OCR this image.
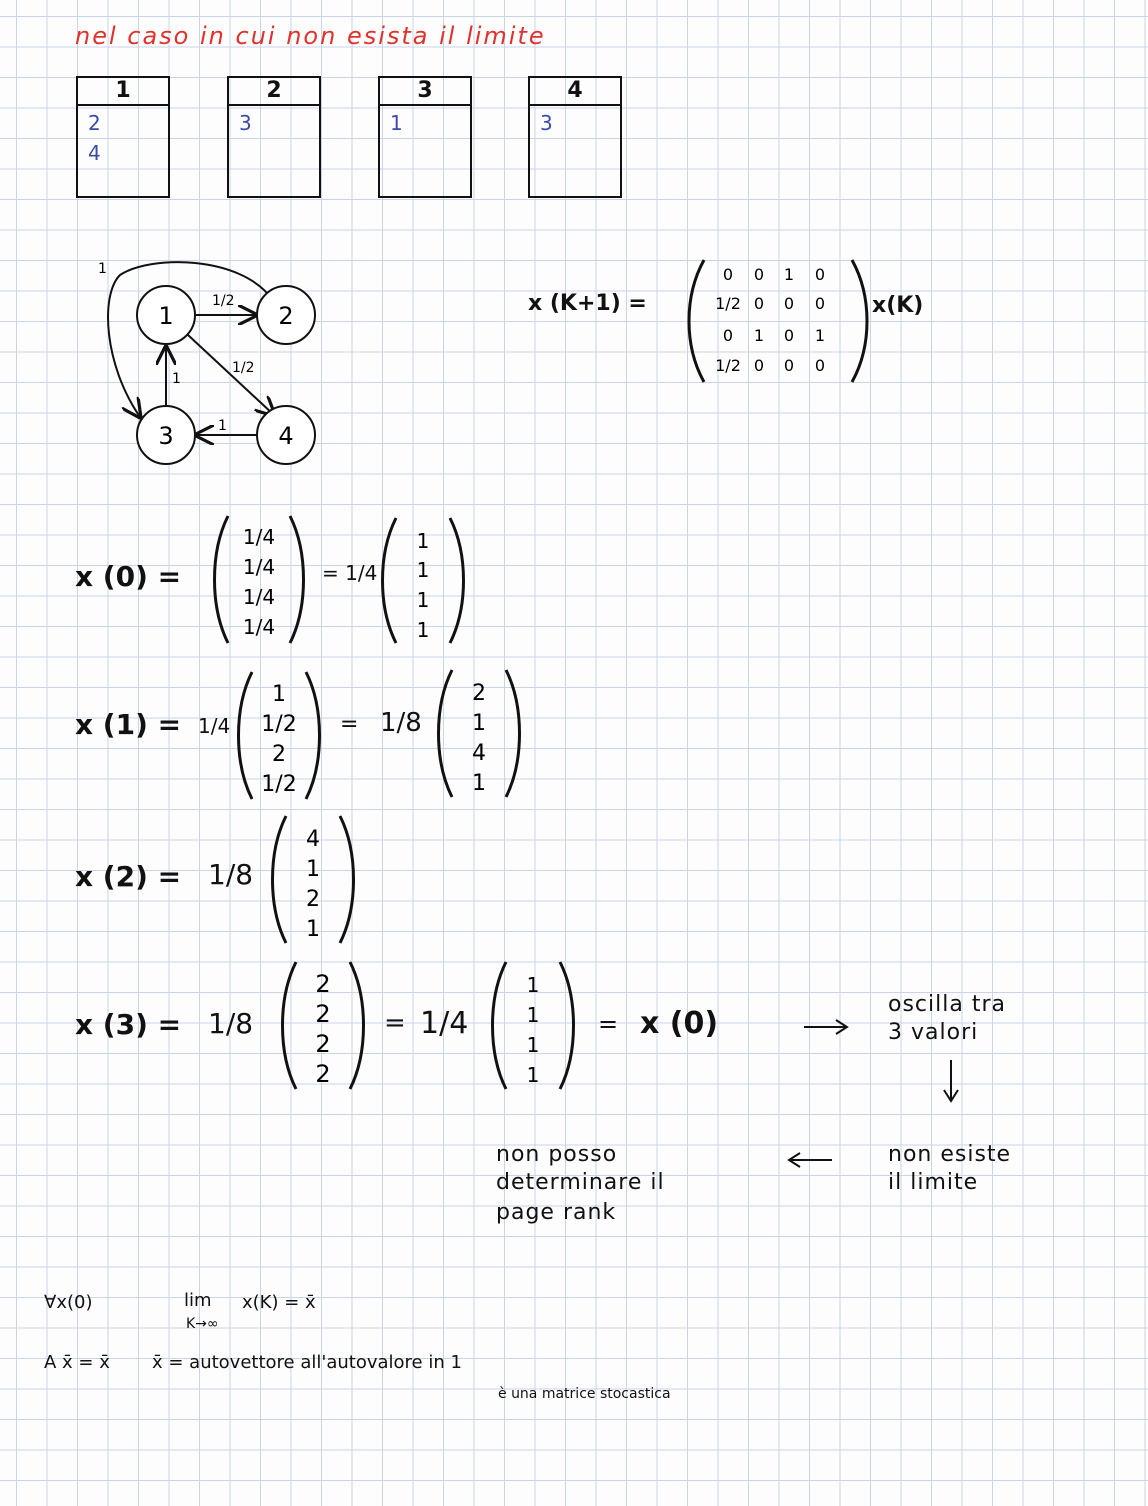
nel caso in cui non esista il limite
1
2
4
2
3
3
1
4
3
1/2
1/2
1
1
1
1	2
3	4
x (K+1) =
0 0 1 0
1/2 0 0 0
0 1 0 1
1/2 0 0 0
x(K)
x (0) =
1/4
1/4
1/4
1/4
= 1/4
1
1
1
1
x (1) = 1/4
1
1/2
2
1/2
= 1/8
2
1
4
1
x (2) = 1/8
4
1
2
1
x (3) = 1/8
2
2
2
2
= 1/4
1
1
1
1
= x (0)
oscilla tra
3 valori
non esiste
il limite
non posso
determinare il
page rank
∀x(0)	lim
K→∞
x(K) = x̄
A x̄ = x̄ x̄ = autovettore all'autovalore in 1
è una matrice stocastica
